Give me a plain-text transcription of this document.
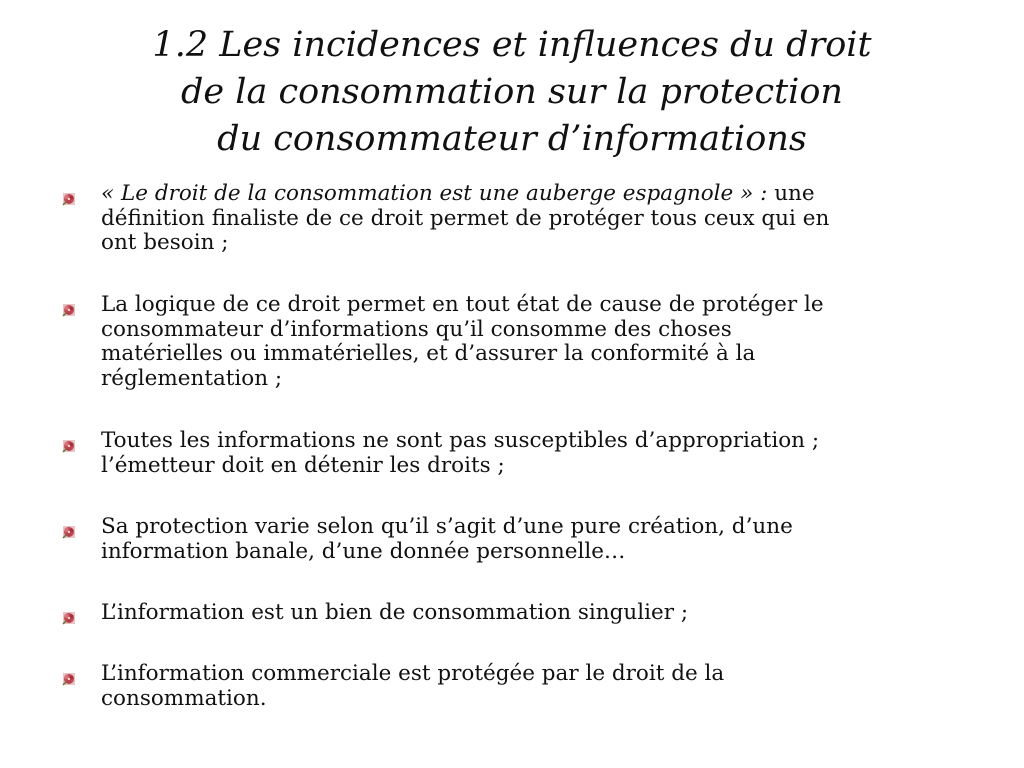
1.2 Les incidences et influences du droit
de la consommation sur la protection
du consommateur d’informations
« Le droit de la consommation est une auberge espagnole » : une
définition finaliste de ce droit permet de protéger tous ceux qui en
ont besoin ;
La logique de ce droit permet en tout état de cause de protéger le
consommateur d’informations qu’il consomme des choses
matérielles ou immatérielles, et d’assurer la conformité à la
réglementation ;
Toutes les informations ne sont pas susceptibles d’appropriation ;
l’émetteur doit en détenir les droits ;
Sa protection varie selon qu’il s’agit d’une pure création, d’une
information banale, d’une donnée personnelle…
L’information est un bien de consommation singulier ;
L’information commerciale est protégée par le droit de la
consommation.
